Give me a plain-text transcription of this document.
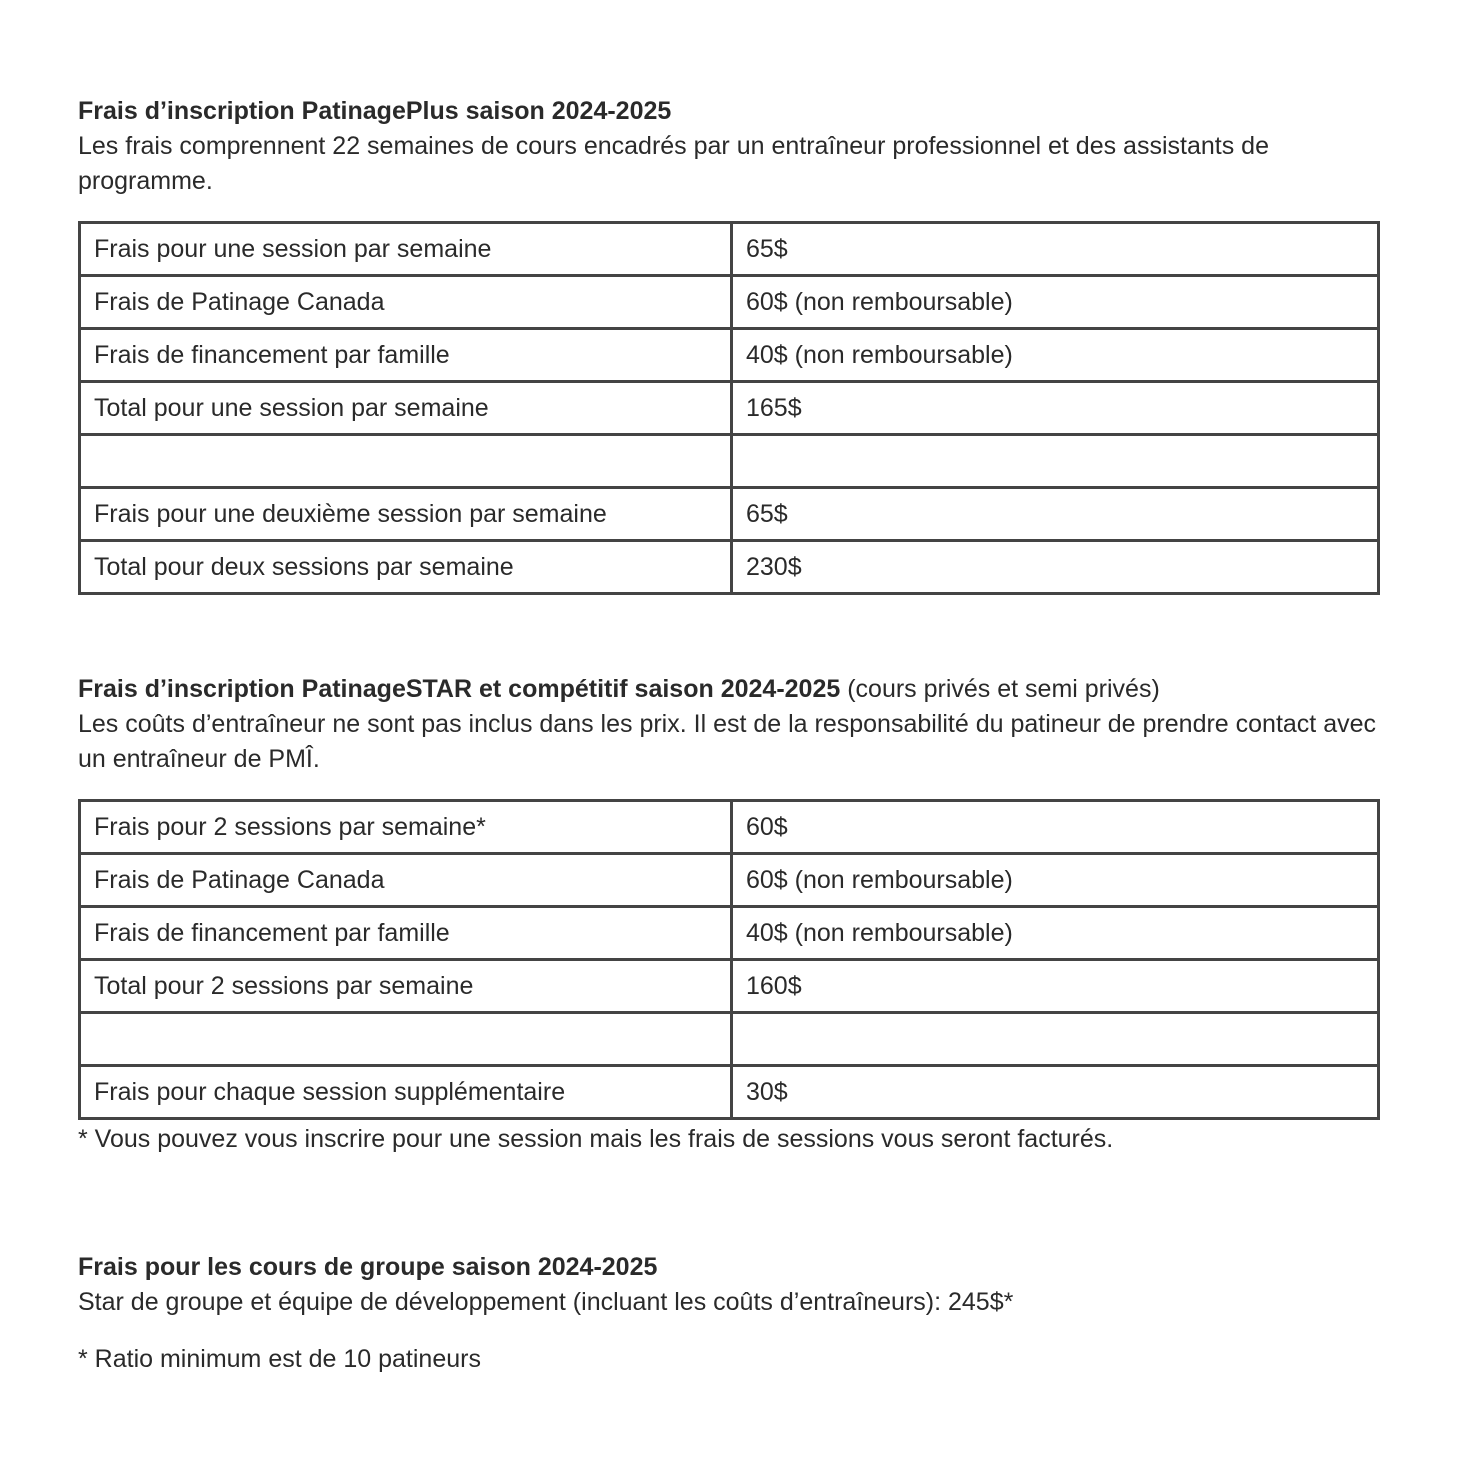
Frais d’inscription PatinagePlus saison 2024-2025

Les frais comprennent 22 semaines de cours encadrés par un entraîneur professionnel et des assistants de programme.

Frais pour une session par semaine	65$
Frais de Patinage Canada	60$ (non remboursable)
Frais de financement par famille	40$ (non remboursable)
Total pour une session par semaine	165$

Frais pour une deuxième session par semaine	65$
Total pour deux sessions par semaine	230$

Frais d’inscription PatinageSTAR et compétitif saison 2024-2025 (cours privés et semi privés)

Les coûts d’entraîneur ne sont pas inclus dans les prix. Il est de la responsabilité du patineur de prendre contact avec un entraîneur de PMÎ.

Frais pour 2 sessions par semaine*	60$
Frais de Patinage Canada	60$ (non remboursable)
Frais de financement par famille	40$ (non remboursable)
Total pour 2 sessions par semaine	160$

Frais pour chaque session supplémentaire	30$

* Vous pouvez vous inscrire pour une session mais les frais de sessions vous seront facturés.

Frais pour les cours de groupe saison 2024-2025

Star de groupe et équipe de développement (incluant les coûts d’entraîneurs): 245$*

* Ratio minimum est de 10 patineurs
